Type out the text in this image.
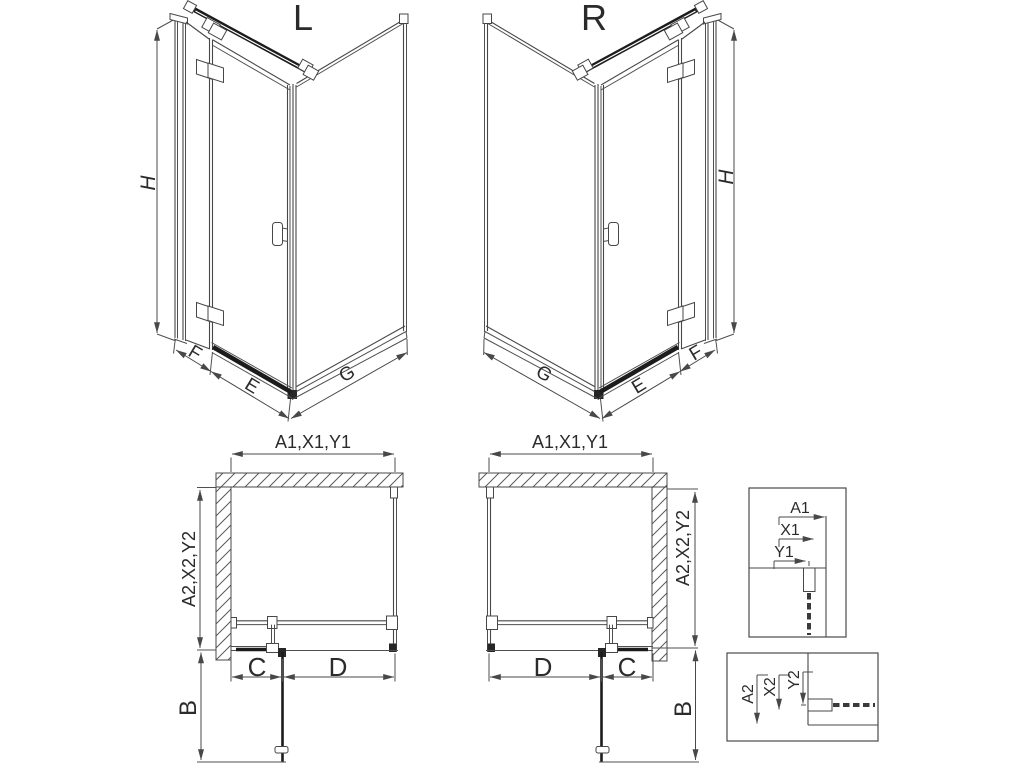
L
H
F
E	G
R
H
F
E
G
A1,X1,Y1
A2,X2,Y2
C D
B
A1,X1,Y1
A2,X2,Y2
D	C
B
A1
X1
Y1
A2 X2 Y2
